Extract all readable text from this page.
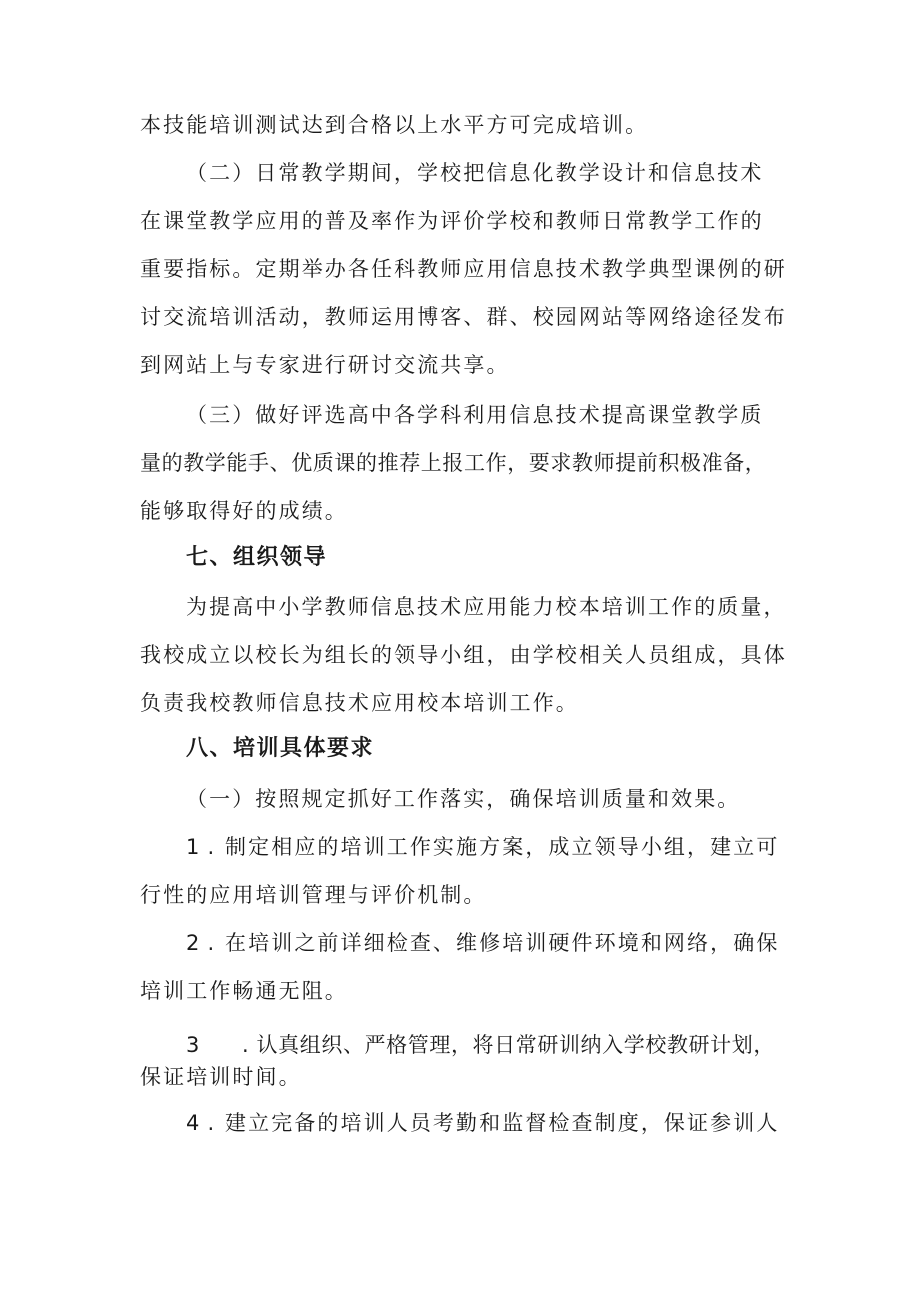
本技能培训测试达到合格以上水平方可完成培训。
（二）日常教学期间，学校把信息化教学设计和信息技术
在课堂教学应用的普及率作为评价学校和教师日常教学工作的
重要指标。定期举办各任科教师应用信息技术教学典型课例的研
讨交流培训活动，教师运用博客、群、校园网站等网络途径发布
到网站上与专家进行研讨交流共享。
（三）做好评选高中各学科利用信息技术提高课堂教学质
量的教学能手、优质课的推荐上报工作，要求教师提前积极准备，
能够取得好的成绩。
七、组织领导
为提高中小学教师信息技术应用能力校本培训工作的质量，
我校成立以校长为组长的领导小组，由学校相关人员组成，具体
负责我校教师信息技术应用校本培训工作。
八、培训具体要求
（一）按照规定抓好工作落实，确保培训质量和效果。
1 . 制定相应的培训工作实施方案，成立领导小组，建立可
行性的应用培训管理与评价机制。
2 . 在培训之前详细检查、维修培训硬件环境和网络，确保
培训工作畅通无阻。
3 . 认真组织、严格管理，将日常研训纳入学校教研计划，
保证培训时间。
4 . 建立完备的培训人员考勤和监督检查制度，保证参训人
